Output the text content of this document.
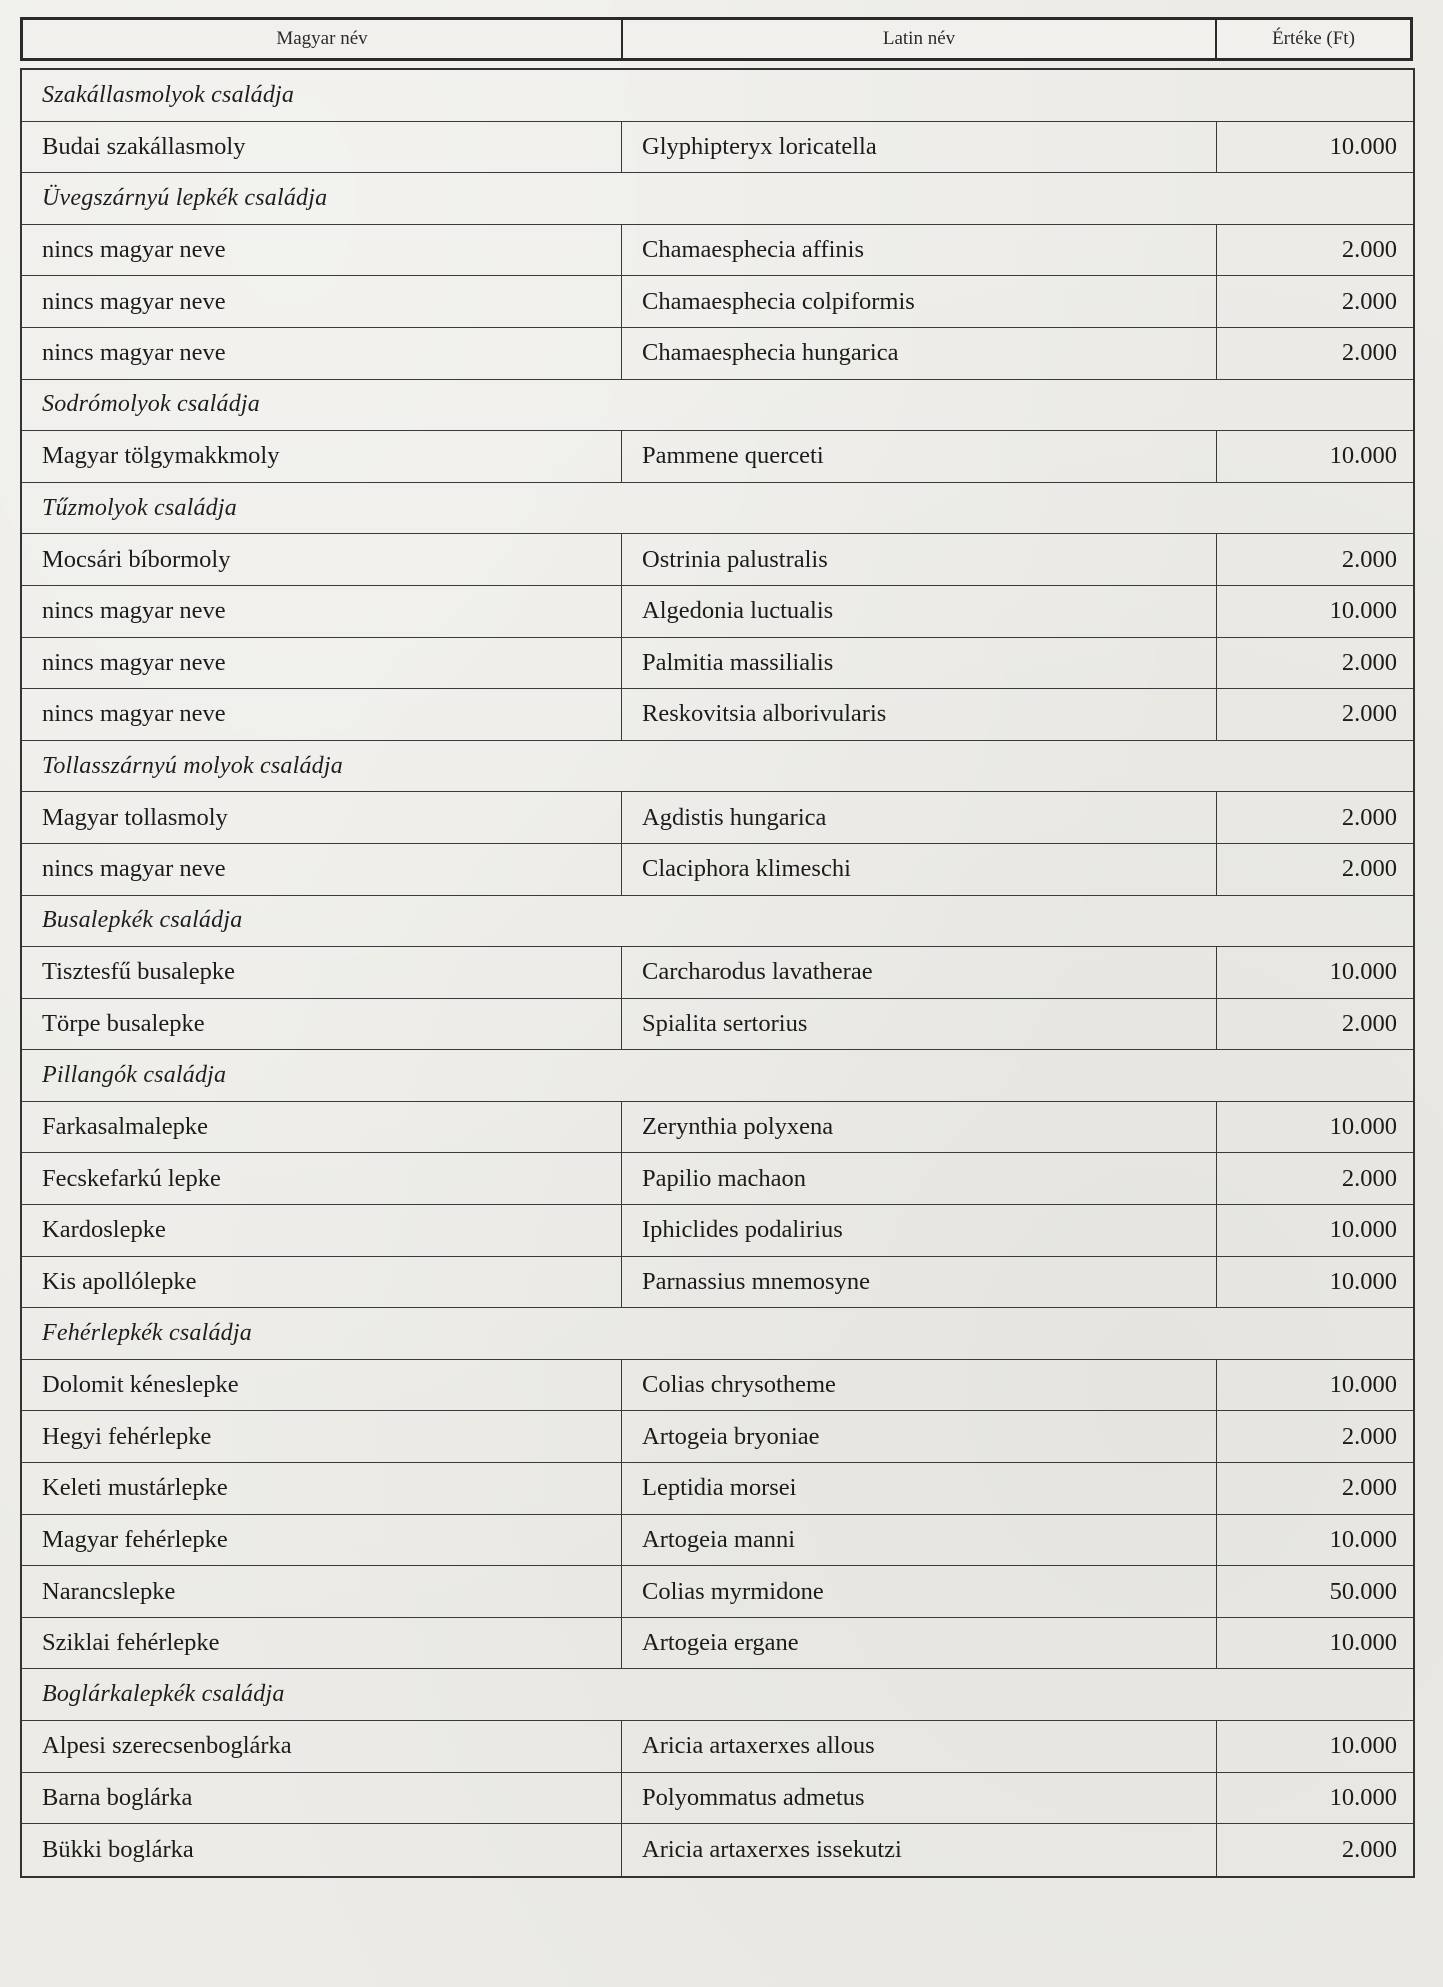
Magyar név	Latin név	Értéke (Ft)
Szakállasmolyok családja
Budai szakállasmoly	Glyphipteryx loricatella	10.000
Üvegszárnyú lepkék családja
nincs magyar neve	Chamaesphecia affinis	2.000
nincs magyar neve	Chamaesphecia colpiformis	2.000
nincs magyar neve	Chamaesphecia hungarica	2.000
Sodrómolyok családja
Magyar tölgymakkmoly	Pammene querceti	10.000
Tűzmolyok családja
Mocsári bíbormoly	Ostrinia palustralis	2.000
nincs magyar neve	Algedonia luctualis	10.000
nincs magyar neve	Palmitia massilialis	2.000
nincs magyar neve	Reskovitsia alborivularis	2.000
Tollasszárnyú molyok családja
Magyar tollasmoly	Agdistis hungarica	2.000
nincs magyar neve	Claciphora klimeschi	2.000
Busalepkék családja
Tisztesfű busalepke	Carcharodus lavatherae	10.000
Törpe busalepke	Spialita sertorius	2.000
Pillangók családja
Farkasalmalepke	Zerynthia polyxena	10.000
Fecskefarkú lepke	Papilio machaon	2.000
Kardoslepke	Iphiclides podalirius	10.000
Kis apollólepke	Parnassius mnemosyne	10.000
Fehérlepkék családja
Dolomit kéneslepke	Colias chrysotheme	10.000
Hegyi fehérlepke	Artogeia bryoniae	2.000
Keleti mustárlepke	Leptidia morsei	2.000
Magyar fehérlepke	Artogeia manni	10.000
Narancslepke	Colias myrmidone	50.000
Sziklai fehérlepke	Artogeia ergane	10.000
Boglárkalepkék családja
Alpesi szerecsenboglárka	Aricia artaxerxes allous	10.000
Barna boglárka	Polyommatus admetus	10.000
Bükki boglárka	Aricia artaxerxes issekutzi	2.000
